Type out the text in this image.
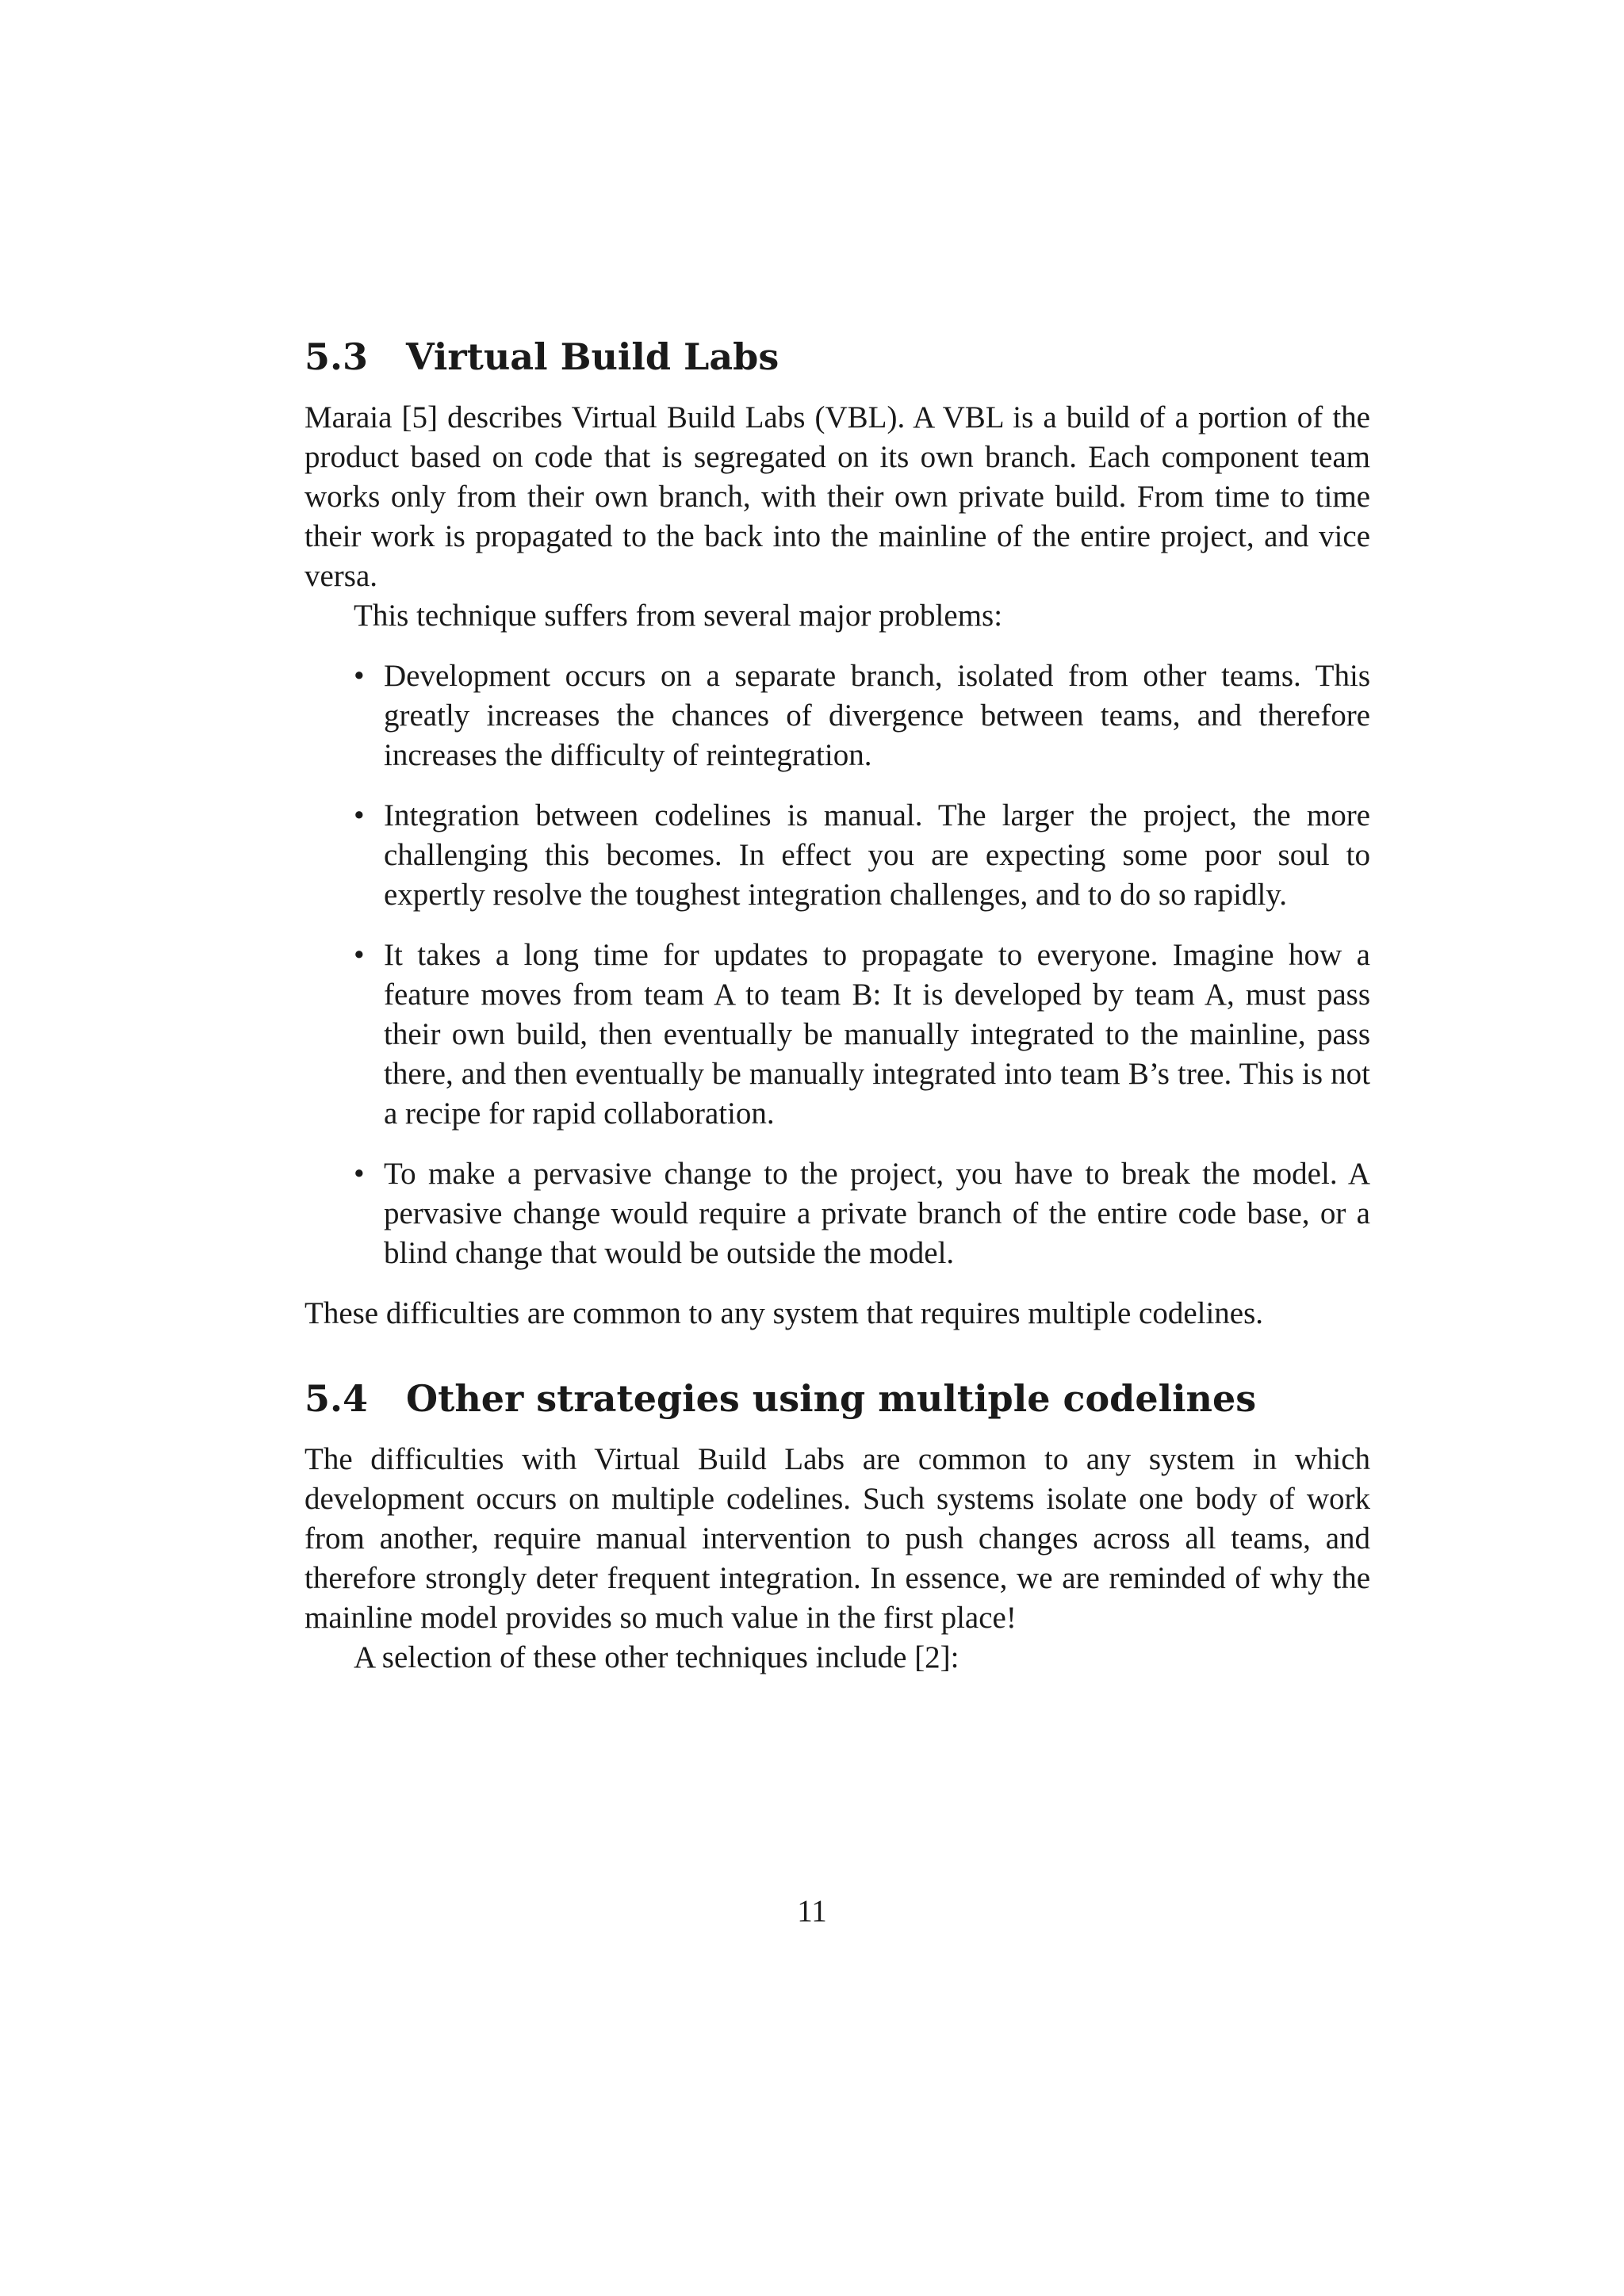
5.3	Virtual Build Labs

Maraia [5] describes Virtual Build Labs (VBL). A VBL is a build of a portion of the product based on code that is segregated on its own branch. Each component team works only from their own branch, with their own private build. From time to time their work is propagated to the back into the mainline of the entire project, and vice versa.

This technique suffers from several major problems:

• Development occurs on a separate branch, isolated from other teams. This greatly increases the chances of divergence between teams, and therefore increases the difficulty of reintegration.
• Integration between codelines is manual. The larger the project, the more challenging this becomes. In effect you are expecting some poor soul to expertly resolve the toughest integration challenges, and to do so rapidly.
• It takes a long time for updates to propagate to everyone. Imagine how a feature moves from team A to team B: It is developed by team A, must pass their own build, then eventually be manually integrated to the mainline, pass there, and then eventually be manually integrated into team B’s tree. This is not a recipe for rapid collaboration.
• To make a pervasive change to the project, you have to break the model. A pervasive change would require a private branch of the entire code base, or a blind change that would be outside the model.

These difficulties are common to any system that requires multiple codelines.

5.4	Other strategies using multiple codelines

The difficulties with Virtual Build Labs are common to any system in which development occurs on multiple codelines. Such systems isolate one body of work from another, require manual intervention to push changes across all teams, and therefore strongly deter frequent integration. In essence, we are reminded of why the mainline model provides so much value in the first place!

A selection of these other techniques include [2]:

11
